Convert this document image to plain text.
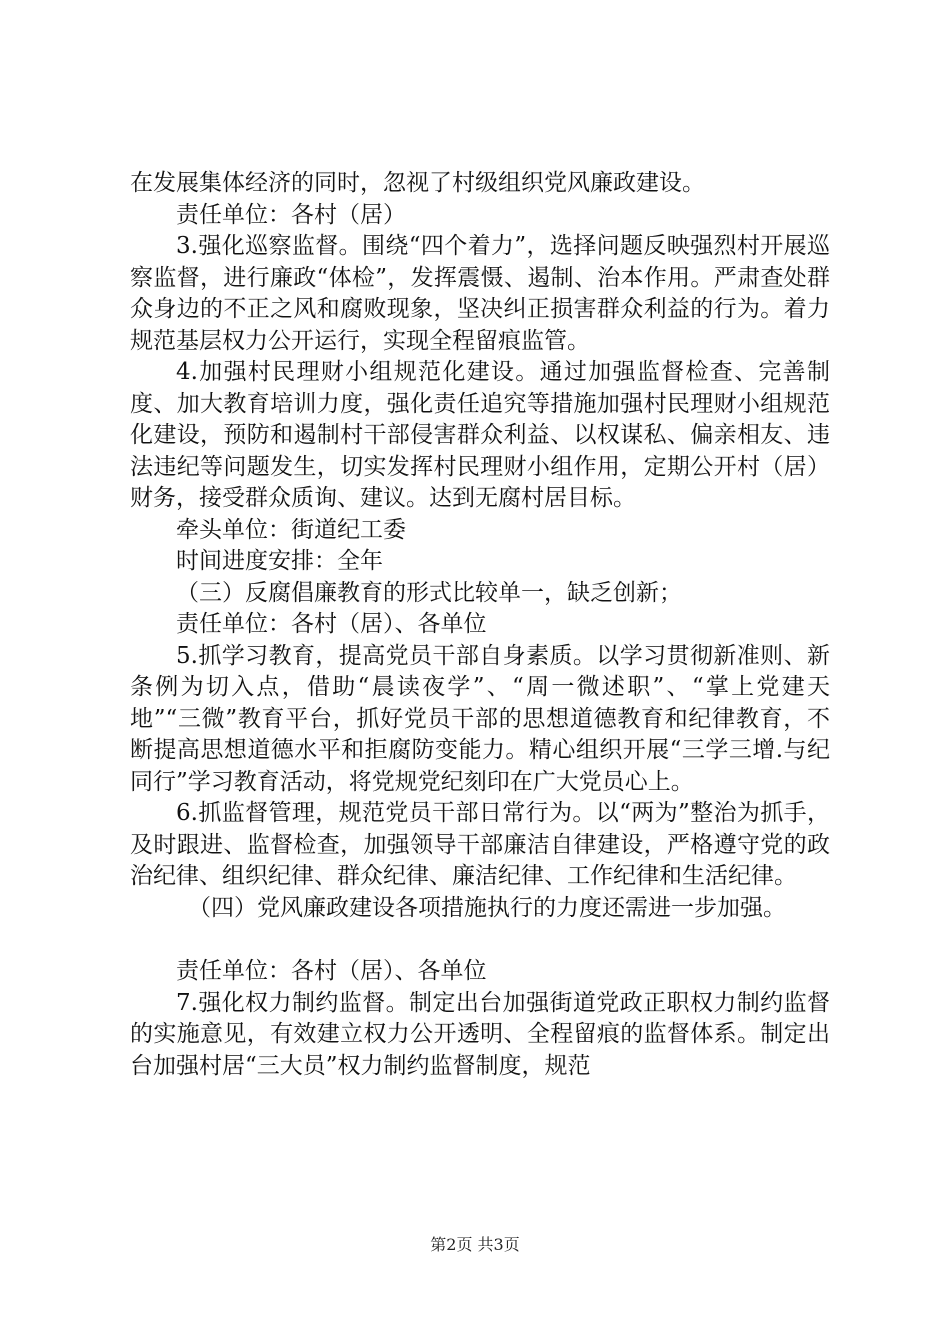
在发展集体经济的同时，忽视了村级组织党风廉政建设。

责任单位：各村（居）

3.强化巡察监督。围绕“四个着力”，选择问题反映强烈村开展巡察监督，进行廉政“体检”，发挥震慑、遏制、治本作用。严肃查处群众身边的不正之风和腐败现象，坚决纠正损害群众利益的行为。着力规范基层权力公开运行，实现全程留痕监管。

4.加强村民理财小组规范化建设。通过加强监督检查、完善制度、加大教育培训力度，强化责任追究等措施加强村民理财小组规范化建设，预防和遏制村干部侵害群众利益、以权谋私、偏亲相友、违法违纪等问题发生，切实发挥村民理财小组作用，定期公开村（居）财务，接受群众质询、建议。达到无腐村居目标。

牵头单位：街道纪工委

时间进度安排：全年

（三）反腐倡廉教育的形式比较单一，缺乏创新；

责任单位：各村（居）、各单位

5.抓学习教育，提高党员干部自身素质。以学习贯彻新准则、新条例为切入点，借助“晨读夜学”、“周一微述职”、“掌上党建天地”“三微”教育平台，抓好党员干部的思想道德教育和纪律教育，不断提高思想道德水平和拒腐防变能力。精心组织开展“三学三增.与纪同行”学习教育活动，将党规党纪刻印在广大党员心上。

6.抓监督管理，规范党员干部日常行为。以“两为”整治为抓手，及时跟进、监督检查，加强领导干部廉洁自律建设，严格遵守党的政治纪律、组织纪律、群众纪律、廉洁纪律、工作纪律和生活纪律。

（四）党风廉政建设各项措施执行的力度还需进一步加强。

责任单位：各村（居）、各单位

7.强化权力制约监督。制定出台加强街道党政正职权力制约监督的实施意见，有效建立权力公开透明、全程留痕的监督体系。制定出台加强村居“三大员”权力制约监督制度，规范

第2页 共3页
